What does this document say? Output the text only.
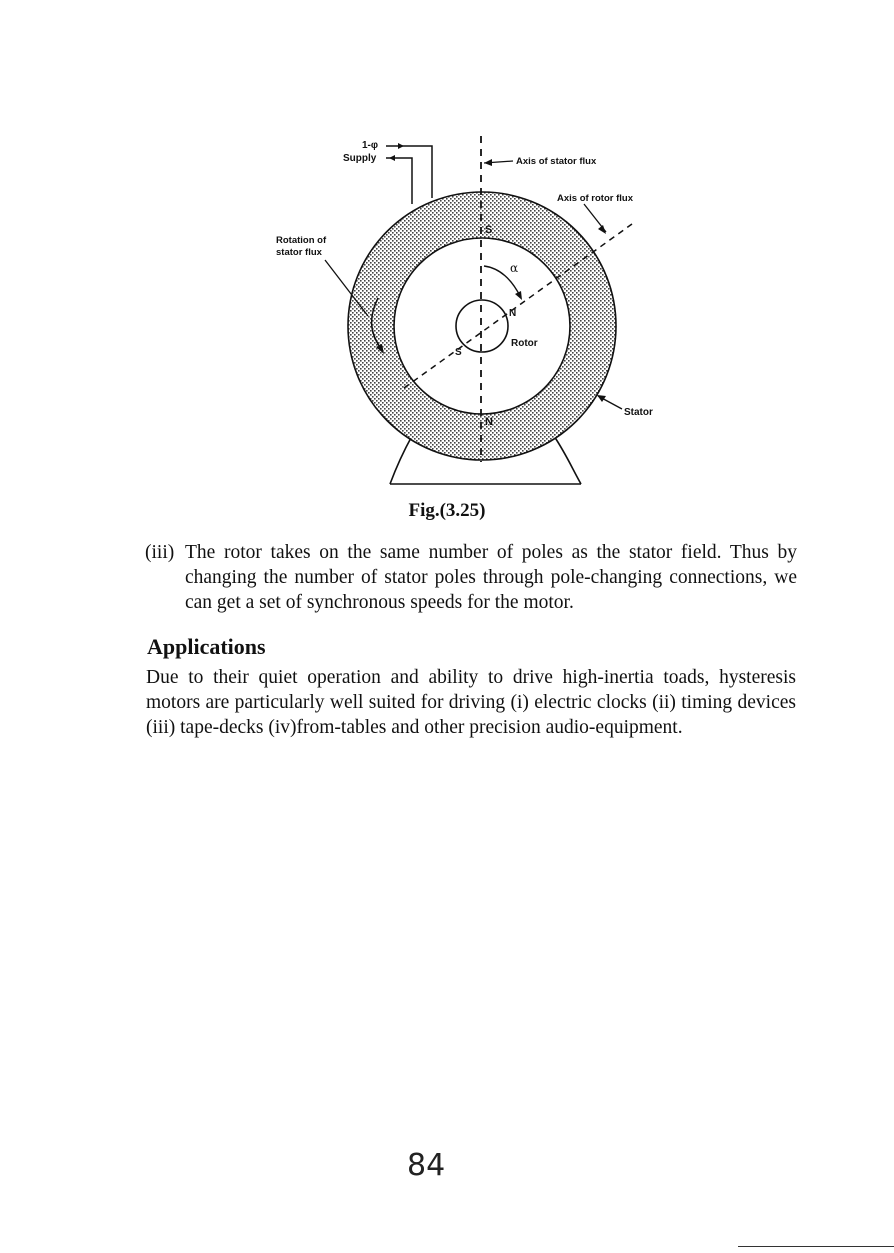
1-φ
Supply	Axis of stator flux
Axis of rotor flux
Rotation of
stator flux
S
N
N
S
Rotor
Stator
α
Fig.(3.25)
(iii) The rotor takes on the same number of poles as the stator field. Thus by changing the number of stator poles through pole-changing connections, we can get a set of synchronous speeds for the motor.
Applications
Due to their quiet operation and ability to drive high-inertia toads, hysteresis motors are particularly well suited for driving (i) electric clocks (ii) timing devices (iii) tape-decks (iv)from-tables and other precision audio-equipment.
84
